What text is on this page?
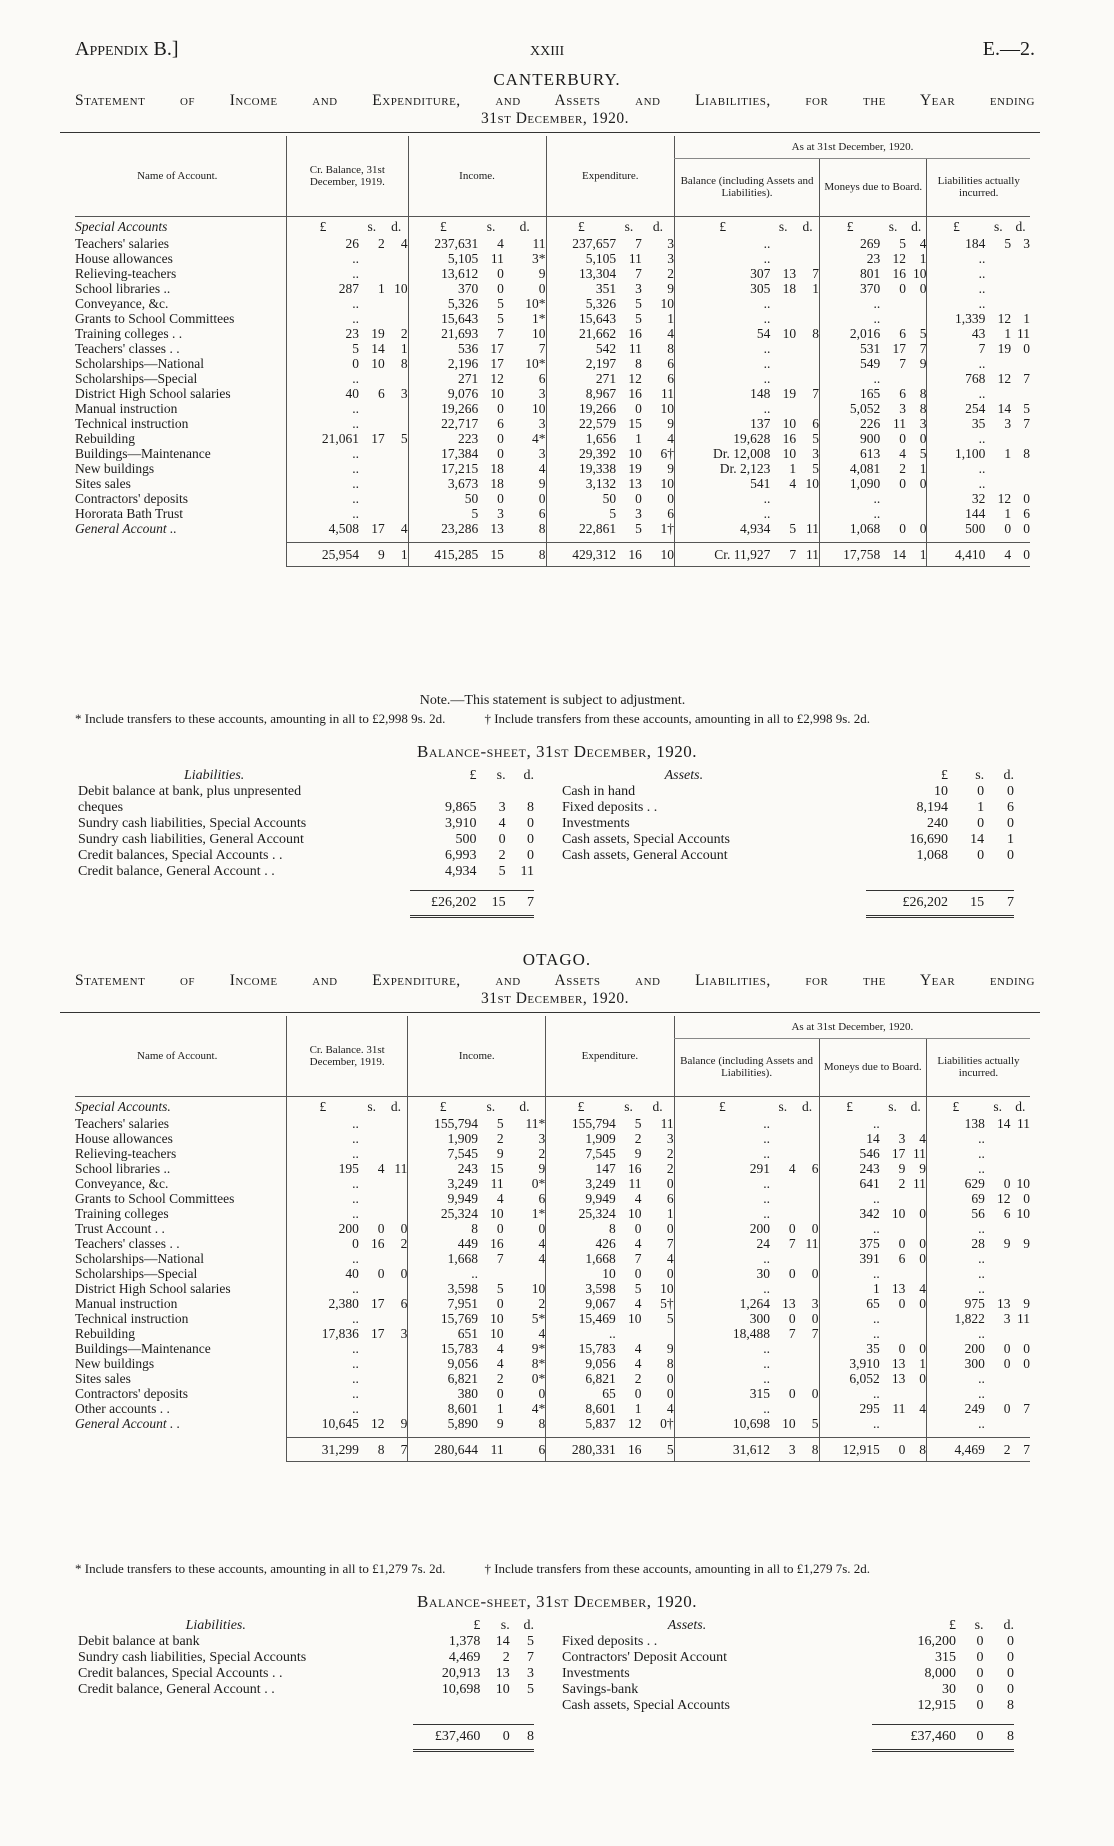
Appendix B.]	xxiii	E.—2.
CANTERBURY.
Statement of Income and Expenditure, and Assets and Liabilities, for the Year ending
31st December, 1920.
Name of Account.		Cr. Balance, 31st December, 1919.			Income.			Expenditure.			As at 31st December, 1920.								
											Balance (including Assets and Liabilities).			Moneys due to Board.			Liabilities actually incurred.		
Special Accounts		£	s.	d.	£	s.	d.	£	s.	d.	£	s.	d.	£	s.	d.	£	s.	d.
Teachers' salaries		26	2	4	237,631	4	11	237,657	7	3	..			269	5	4	184	5	3
House allowances		..			5,105	11	3*	5,105	11	3	..			23	12	1	..		
Relieving-teachers		..			13,612	0	9	13,304	7	2	307	13	7	801	16	10	..		
School libraries ..		287	1	10	370	0	0	351	3	9	305	18	1	370	0	0	..		
Conveyance, &c.		..			5,326	5	10*	5,326	5	10	..			..			..		
Grants to School Committees		..			15,643	5	1*	15,643	5	1	..			..			1,339	12	1
Training colleges . .		23	19	2	21,693	7	10	21,662	16	4	54	10	8	2,016	6	5	43	1	11
Teachers' classes . .		5	14	1	536	17	7	542	11	8	..			531	17	7	7	19	0
Scholarships—National		0	10	8	2,196	17	10*	2,197	8	6	..			549	7	9	..		
Scholarships—Special		..			271	12	6	271	12	6	..			..			768	12	7
District High School salaries		40	6	3	9,076	10	3	8,967	16	11	148	19	7	165	6	8	..		
Manual instruction		..			19,266	0	10	19,266	0	10	..			5,052	3	8	254	14	5
Technical instruction		..			22,717	6	3	22,579	15	9	137	10	6	226	11	3	35	3	7
Rebuilding		21,061	17	5	223	0	4*	1,656	1	4	19,628	16	5	900	0	0	..		
Buildings—Maintenance		..			17,384	0	3	29,392	10	6†	Dr. 12,008	10	3	613	4	5	1,100	1	8
New buildings		..			17,215	18	4	19,338	19	9	Dr. 2,123	1	5	4,081	2	1	..		
Sites sales		..			3,673	18	9	3,132	13	10	541	4	10	1,090	0	0	..		
Contractors' deposits		..			50	0	0	50	0	0	..			..			32	12	0
Hororata Bath Trust		..			5	3	6	5	3	6	..			..			144	1	6
General Account ..		4,508	17	4	23,286	13	8	22,861	5	1†	4,934	5	11	1,068	0	0	500	0	0

		25,954	9	1	415,285	15	8	429,312	16	10	Cr. 11,927	7	11	17,758	14	1	4,410	4	0
Note.—This statement is subject to adjustment.
* Include transfers to these accounts, amounting in all to £2,998 9s. 2d.	† Include transfers from these accounts, amounting in all to £2,998 9s. 2d.
Balance-sheet, 31st December, 1920.
Liabilities.	£	s.	d.
Debit balance at bank, plus unpresented			
cheques	9,865	3	8
Sundry cash liabilities, Special Accounts	3,910	4	0
Sundry cash liabilities, General Account	500	0	0
Credit balances, Special Accounts . .	6,993	2	0
Credit balance, General Account . .	4,934	5	11

	£26,202	15	7
Assets.	£	s.	d.
Cash in hand	10	0	0
Fixed deposits . .	8,194	1	6
Investments	240	0	0
Cash assets, Special Accounts	16,690	14	1
Cash assets, General Account	1,068	0	0

	£26,202	15	7
OTAGO.
Statement of Income and Expenditure, and Assets and Liabilities, for the Year ending
31st December, 1920.
Name of Account.		Cr. Balance. 31st December, 1919.			Income.			Expenditure.			As at 31st December, 1920.								
											Balance (including Assets and Liabilities).			Moneys due to Board.			Liabilities actually incurred.		
Special Accounts.		£	s.	d.	£	s.	d.	£	s.	d.	£	s.	d.	£	s.	d.	£	s.	d.
Teachers' salaries		..			155,794	5	11*	155,794	5	11	..			..			138	14	11
House allowances		..			1,909	2	3	1,909	2	3	..			14	3	4	..		
Relieving-teachers		..			7,545	9	2	7,545	9	2	..			546	17	11	..		
School libraries ..		195	4	11	243	15	9	147	16	2	291	4	6	243	9	9	..		
Conveyance, &c.		..			3,249	11	0*	3,249	11	0	..			641	2	11	629	0	10
Grants to School Committees		..			9,949	4	6	9,949	4	6	..			..			69	12	0
Training colleges		..			25,324	10	1*	25,324	10	1	..			342	10	0	56	6	10
Trust Account . .		200	0	0	8	0	0	8	0	0	200	0	0	..			..		
Teachers' classes . .		0	16	2	449	16	4	426	4	7	24	7	11	375	0	0	28	9	9
Scholarships—National		..			1,668	7	4	1,668	7	4	..			391	6	0	..		
Scholarships—Special		40	0	0	..			10	0	0	30	0	0	..			..		
District High School salaries		..			3,598	5	10	3,598	5	10	..			1	13	4	..		
Manual instruction		2,380	17	6	7,951	0	2	9,067	4	5†	1,264	13	3	65	0	0	975	13	9
Technical instruction		..			15,769	10	5*	15,469	10	5	300	0	0	..			1,822	3	11
Rebuilding		17,836	17	3	651	10	4	..			18,488	7	7	..			..		
Buildings—Maintenance		..			15,783	4	9*	15,783	4	9	..			35	0	0	200	0	0
New buildings		..			9,056	4	8*	9,056	4	8	..			3,910	13	1	300	0	0
Sites sales		..			6,821	2	0*	6,821	2	0	..			6,052	13	0	..		
Contractors' deposits		..			380	0	0	65	0	0	315	0	0	..			..		
Other accounts . .		..			8,601	1	4*	8,601	1	4	..			295	11	4	249	0	7
General Account . .		10,645	12	9	5,890	9	8	5,837	12	0†	10,698	10	5	..			..		

		31,299	8	7	280,644	11	6	280,331	16	5	31,612	3	8	12,915	0	8	4,469	2	7
* Include transfers to these accounts, amounting in all to £1,279 7s. 2d.	† Include transfers from these accounts, amounting in all to £1,279 7s. 2d.
Balance-sheet, 31st December, 1920.
Liabilities.	£	s.	d.
Debit balance at bank	1,378	14	5
Sundry cash liabilities, Special Accounts	4,469	2	7
Credit balances, Special Accounts . .	20,913	13	3
Credit balance, General Account . .	10,698	10	5

	£37,460	0	8
Assets.	£	s.	d.
Fixed deposits . .	16,200	0	0
Contractors' Deposit Account	315	0	0
Investments	8,000	0	0
Savings-bank	30	0	0
Cash assets, Special Accounts	12,915	0	8

	£37,460	0	8
